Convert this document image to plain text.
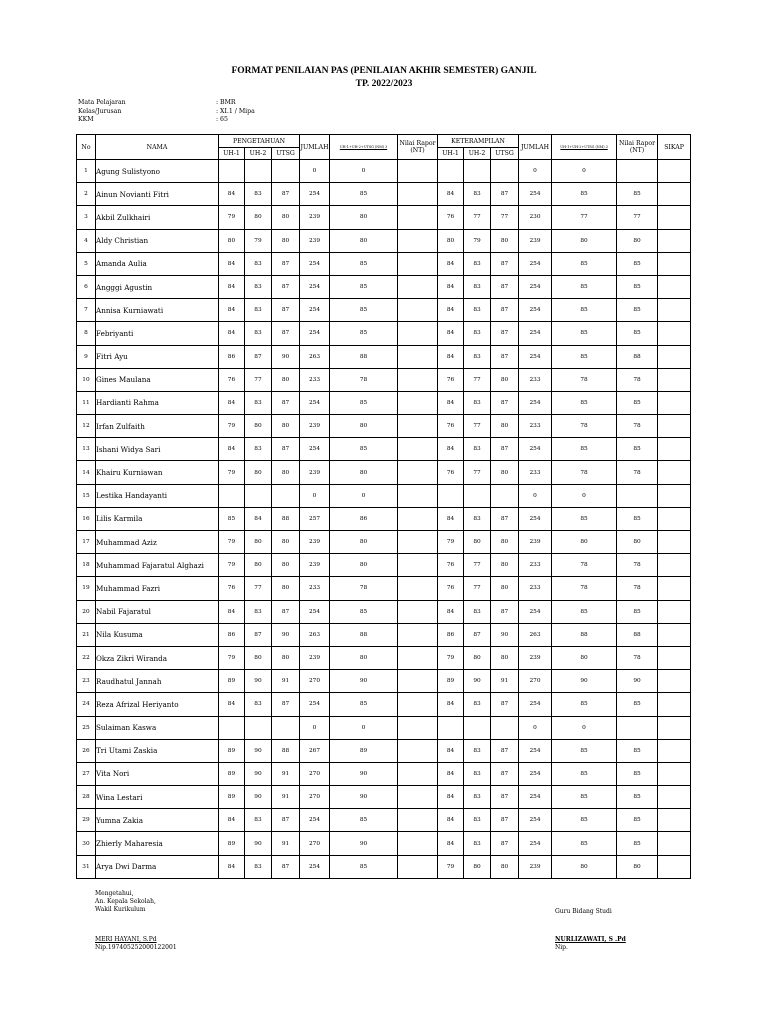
FORMAT PENILAIAN PAS (PENILAIAN AKHIR SEMESTER) GANJIL
TP. 2022/2023
Mata Pelajaran	: BMR
Kelas/Jurusan	: XI.1 / Mipa
KKM	: 65
No	NAMA	PENGETAHUAN			JUMLAH	UH-1+UH-2+UTSG (NM) 3	Nilai Rapor (NT)	KETERAMPILAN			JUMLAH	UH-1+UH-2+UTSG (NM) 3	Nilai Rapor (NT)	SIKAP
		UH-1	UH-2	UTSG				UH-1	UH-2	UTSG				
1	Agung Sulistyono				0	0					0	0		
2	Ainun Novianti Fitri	84	83	87	254	85		84	83	87	254	85	85	
3	Akbil Zulkhairi	79	80	80	239	80		76	77	77	230	77	77	
4	Aldy Christian	80	79	80	239	80		80	79	80	239	80	80	
5	Amanda Aulia	84	83	87	254	85		84	83	87	254	85	85	
6	Angggi Agustin	84	83	87	254	85		84	83	87	254	85	85	
7	Annisa Kurniawati	84	83	87	254	85		84	83	87	254	85	85	
8	Febriyanti	84	83	87	254	85		84	83	87	254	85	85	
9	Fitri Ayu	86	87	90	263	88		84	83	87	254	85	88	
10	Gines Maulana	76	77	80	233	78		76	77	80	233	78	78	
11	Hardianti Rahma	84	83	87	254	85		84	83	87	254	85	85	
12	Irfan Zulfaith	79	80	80	239	80		76	77	80	233	78	78	
13	Ishani Widya Sari	84	83	87	254	85		84	83	87	254	85	85	
14	Khairu Kurniawan	79	80	80	239	80		76	77	80	233	78	78	
15	Lestika Handayanti				0	0					0	0		
16	Lilis Karmila	85	84	88	257	86		84	83	87	254	85	85	
17	Muhammad Aziz	79	80	80	239	80		79	80	80	239	80	80	
18	Muhammad Fajaratul Alghazi	79	80	80	239	80		76	77	80	233	78	78	
19	Muhammad Fazri	76	77	80	233	78		76	77	80	233	78	78	
20	Nabil Fajaratul	84	83	87	254	85		84	83	87	254	85	85	
21	Nila Kusuma	86	87	90	263	88		86	87	90	263	88	88	
22	Okza Zikri Wiranda	79	80	80	239	80		79	80	80	239	80	78	
23	Raudhatul Jannah	89	90	91	270	90		89	90	91	270	90	90	
24	Reza Afrizal Heriyanto	84	83	87	254	85		84	83	87	254	85	85	
25	Sulaiman Kaswa				0	0					0	0		
26	Tri Utami Zaskia	89	90	88	267	89		84	83	87	254	85	85	
27	Vita Nori	89	90	91	270	90		84	83	87	254	85	85	
28	Wina Lestari	89	90	91	270	90		84	83	87	254	85	85	
29	Yumna Zakia	84	83	87	254	85		84	83	87	254	85	85	
30	Zhierly Maharesia	89	90	91	270	90		84	83	87	254	85	85	
31	Arya Dwi Darma	84	83	87	254	85		79	80	80	239	80	80	
Mengetahui,
An. Kepala Sekolah,
Wakil Kurikulum
MERI HAYANI, S.Pd
Nip.197405252000122001
Guru Bidang Studi
NURLIZAWATI, S .Pd
Nip.
